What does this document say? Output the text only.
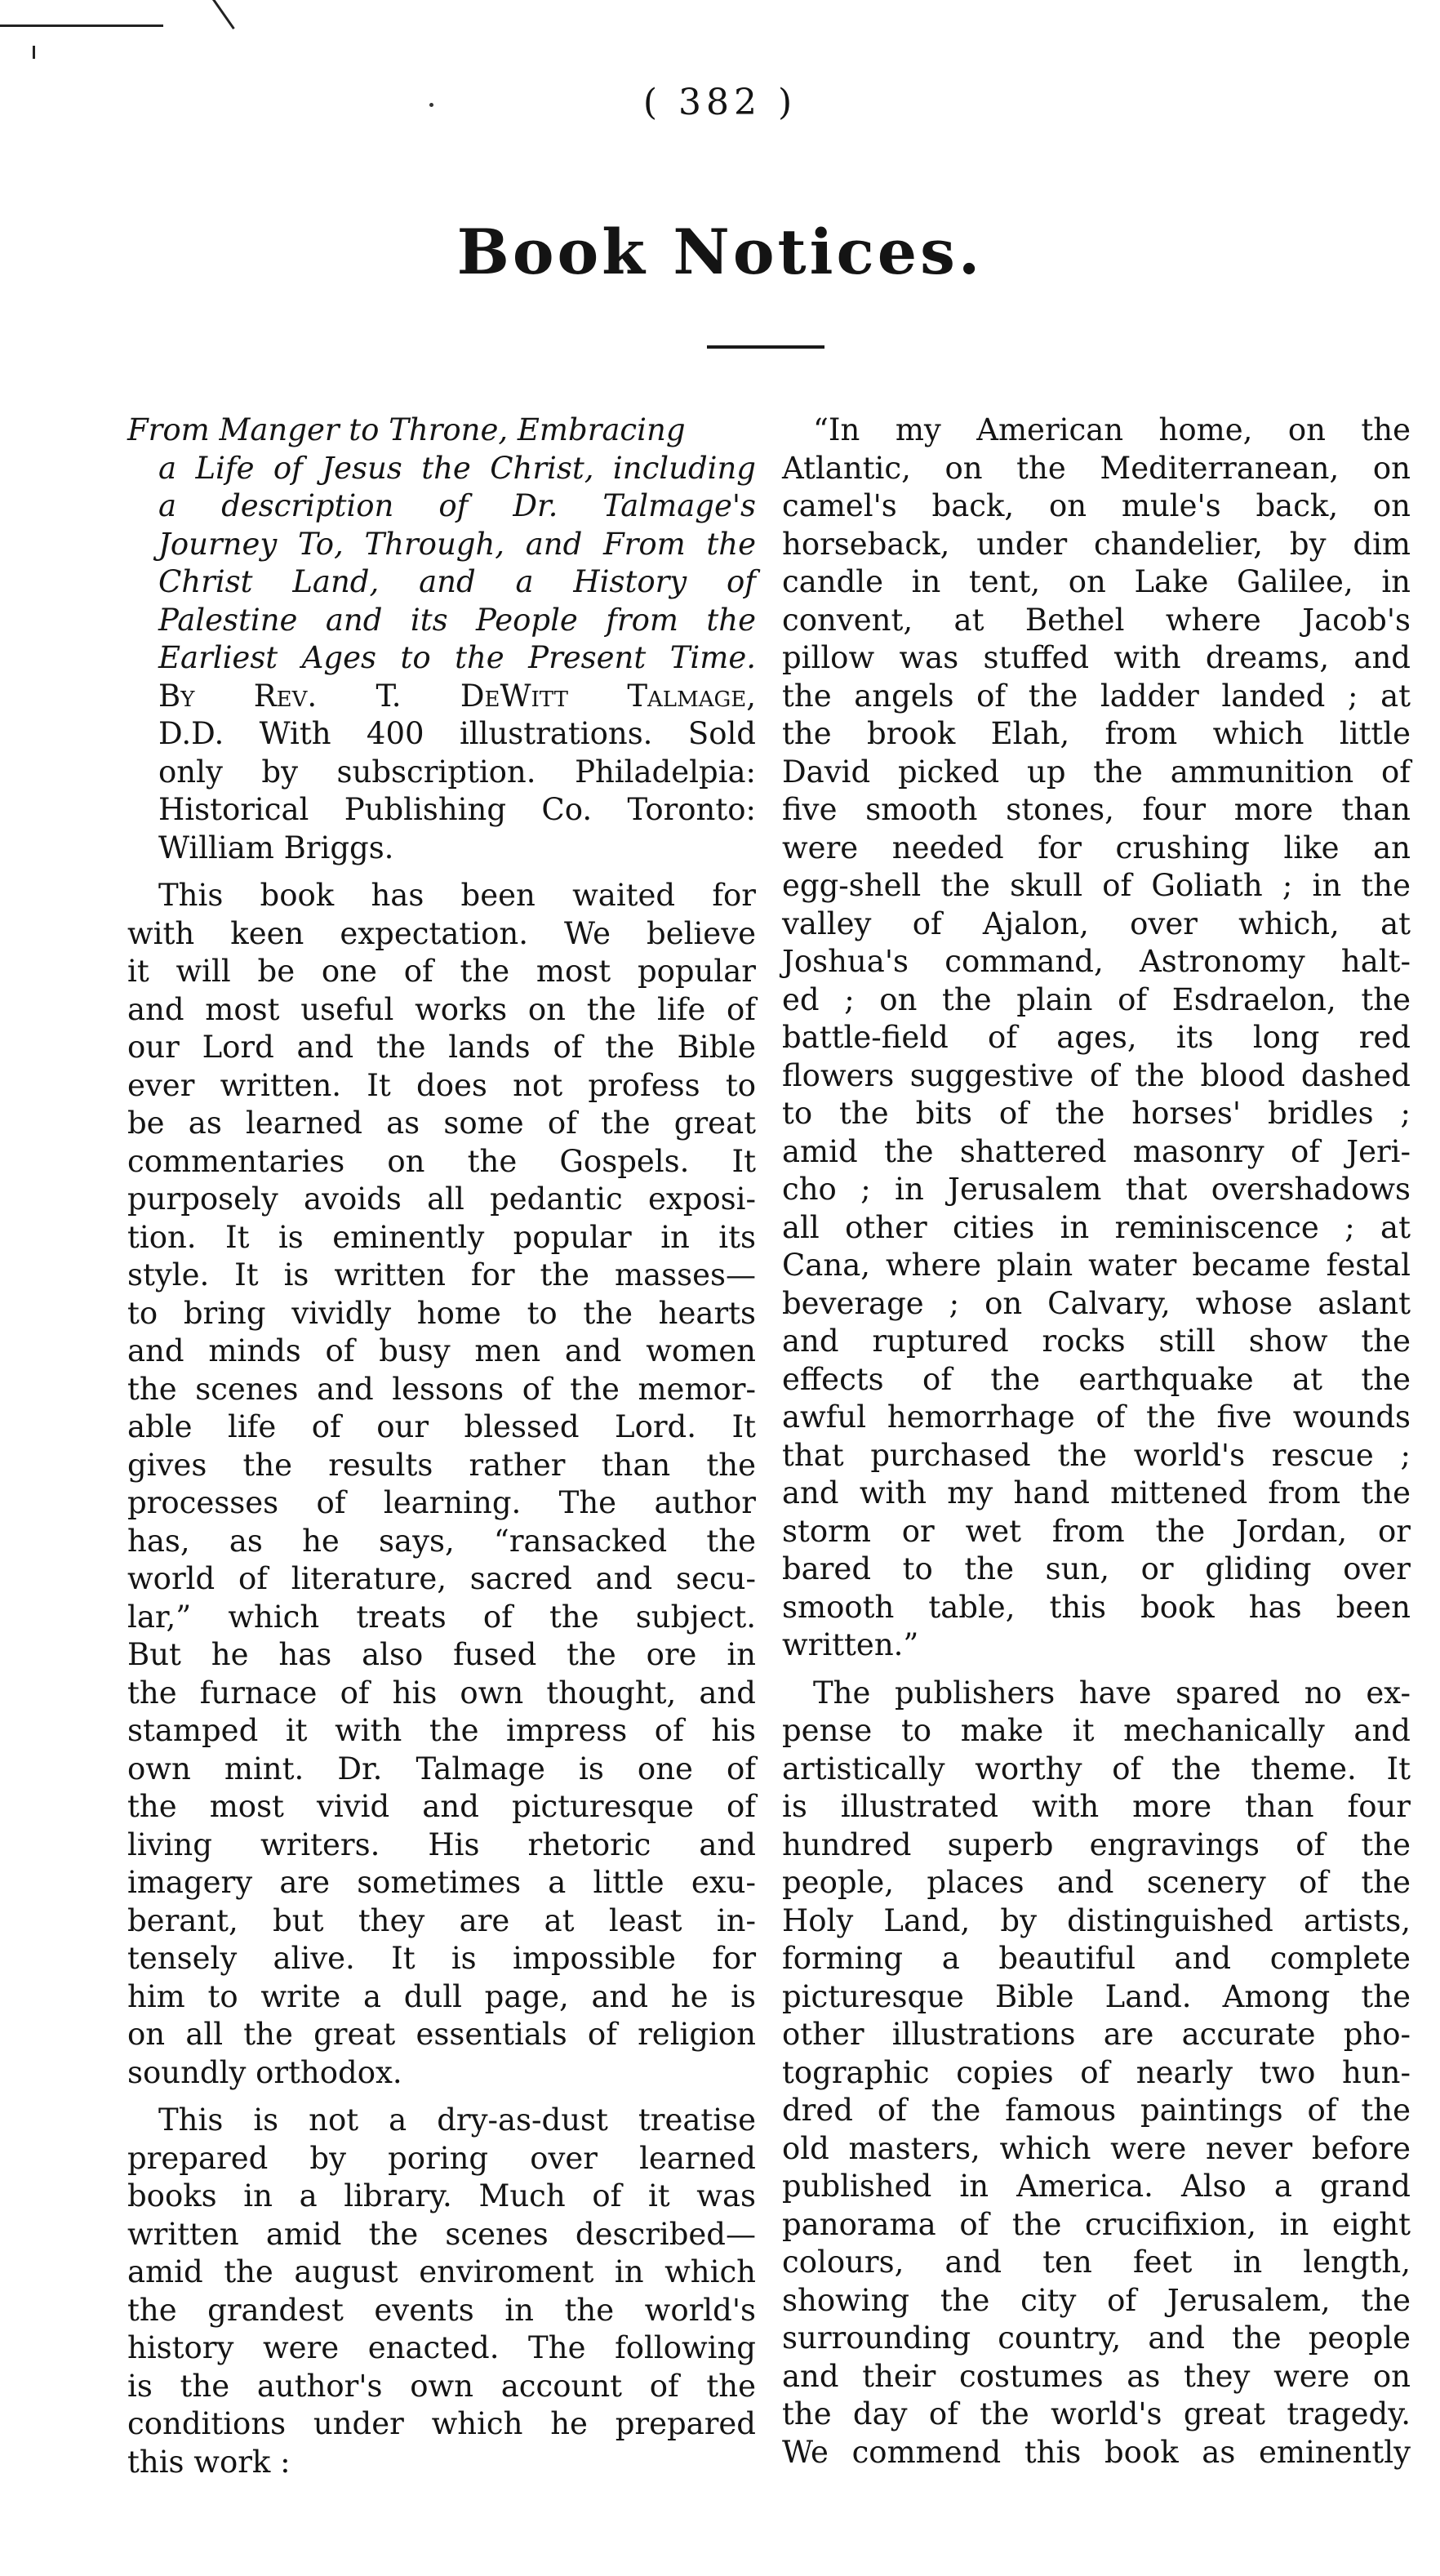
( 382 )
Book Notices.
From Manger to Throne, Embracing
a Life of Jesus the Christ, including
a description of Dr. Talmage's
Journey To, Through, and From the
Christ Land, and a History of
Palestine and its People from the
Earliest Ages to the Present Time.
By Rev. T. DeWitt Talmage,
D.D. With 400 illustrations. Sold
only by subscription. Philadelpia:
Historical Publishing Co. Toronto:
William Briggs.
This book has been waited for
with keen expectation. We believe
it will be one of the most popular
and most useful works on the life of
our Lord and the lands of the Bible
ever written. It does not profess to
be as learned as some of the great
commentaries on the Gospels. It
purposely avoids all pedantic exposi-
tion. It is eminently popular in its
style. It is written for the masses—
to bring vividly home to the hearts
and minds of busy men and women
the scenes and lessons of the memor-
able life of our blessed Lord. It
gives the results rather than the
processes of learning. The author
has, as he says, “ransacked the
world of literature, sacred and secu-
lar,” which treats of the subject.
But he has also fused the ore in
the furnace of his own thought, and
stamped it with the impress of his
own mint. Dr. Talmage is one of
the most vivid and picturesque of
living writers. His rhetoric and
imagery are sometimes a little exu-
berant, but they are at least in-
tensely alive. It is impossible for
him to write a dull page, and he is
on all the great essentials of religion
soundly orthodox.
This is not a dry-as-dust treatise
prepared by poring over learned
books in a library. Much of it was
written amid the scenes described—
amid the august enviroment in which
the grandest events in the world's
history were enacted. The following
is the author's own account of the
conditions under which he prepared
this work :
“In my American home, on the
Atlantic, on the Mediterranean, on
camel's back, on mule's back, on
horseback, under chandelier, by dim
candle in tent, on Lake Galilee, in
convent, at Bethel where Jacob's
pillow was stuffed with dreams, and
the angels of the ladder landed ; at
the brook Elah, from which little
David picked up the ammunition of
five smooth stones, four more than
were needed for crushing like an
egg-shell the skull of Goliath ; in the
valley of Ajalon, over which, at
Joshua's command, Astronomy halt-
ed ; on the plain of Esdraelon, the
battle-field of ages, its long red
flowers suggestive of the blood dashed
to the bits of the horses' bridles ;
amid the shattered masonry of Jeri-
cho ; in Jerusalem that overshadows
all other cities in reminiscence ; at
Cana, where plain water became festal
beverage ; on Calvary, whose aslant
and ruptured rocks still show the
effects of the earthquake at the
awful hemorrhage of the five wounds
that purchased the world's rescue ;
and with my hand mittened from the
storm or wet from the Jordan, or
bared to the sun, or gliding over
smooth table, this book has been
written.”
The publishers have spared no ex-
pense to make it mechanically and
artistically worthy of the theme. It
is illustrated with more than four
hundred superb engravings of the
people, places and scenery of the
Holy Land, by distinguished artists,
forming a beautiful and complete
picturesque Bible Land. Among the
other illustrations are accurate pho-
tographic copies of nearly two hun-
dred of the famous paintings of the
old masters, which were never before
published in America. Also a grand
panorama of the crucifixion, in eight
colours, and ten feet in length,
showing the city of Jerusalem, the
surrounding country, and the people
and their costumes as they were on
the day of the world's great tragedy.
We commend this book as eminently
